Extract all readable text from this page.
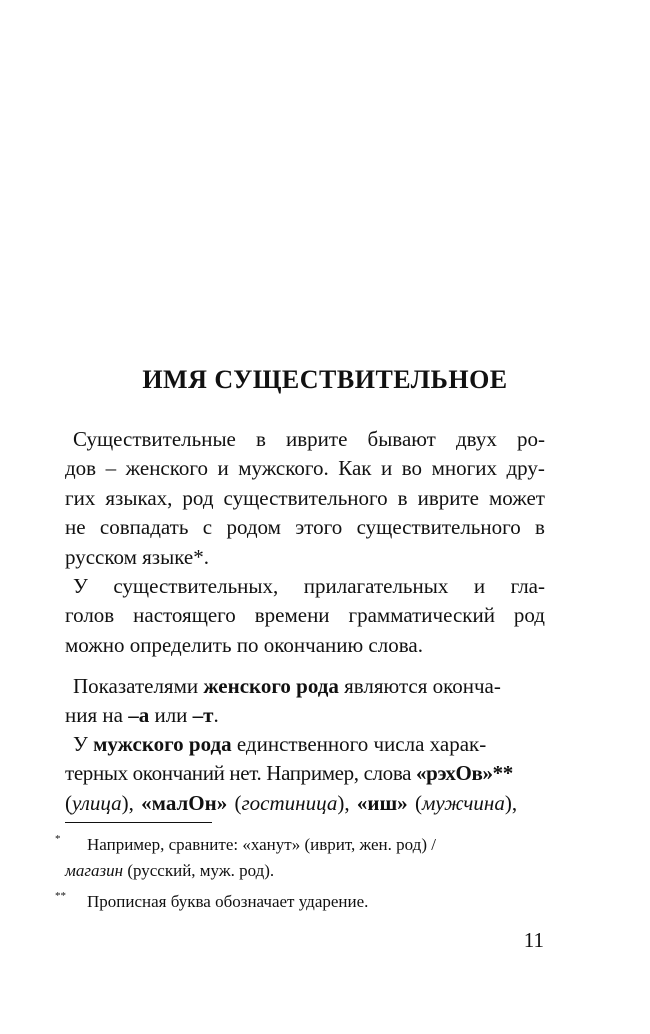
ИМЯ СУЩЕСТВИТЕЛЬНОЕ
Существительные в иврите бывают двух ро-
дов – женского и мужского. Как и во многих дру-
гих языках, род существительного в иврите может
не совпадать с родом этого существительного в
русском языке*.
У существительных, прилагательных и гла-
голов настоящего времени грамматический род
можно определить по окончанию слова.
Показателями женского рода являются оконча-
ния на –а или –т.
У мужского рода единственного числа харак-
терных окончаний нет. Например, слова «рэхОв»**
(улица), «малОн» (гостиница), «иш» (мужчина),
* Например, сравните: «ханут» (иврит, жен. род) /
магазин (русский, муж. род).
** Прописная буква обозначает ударение.
11
